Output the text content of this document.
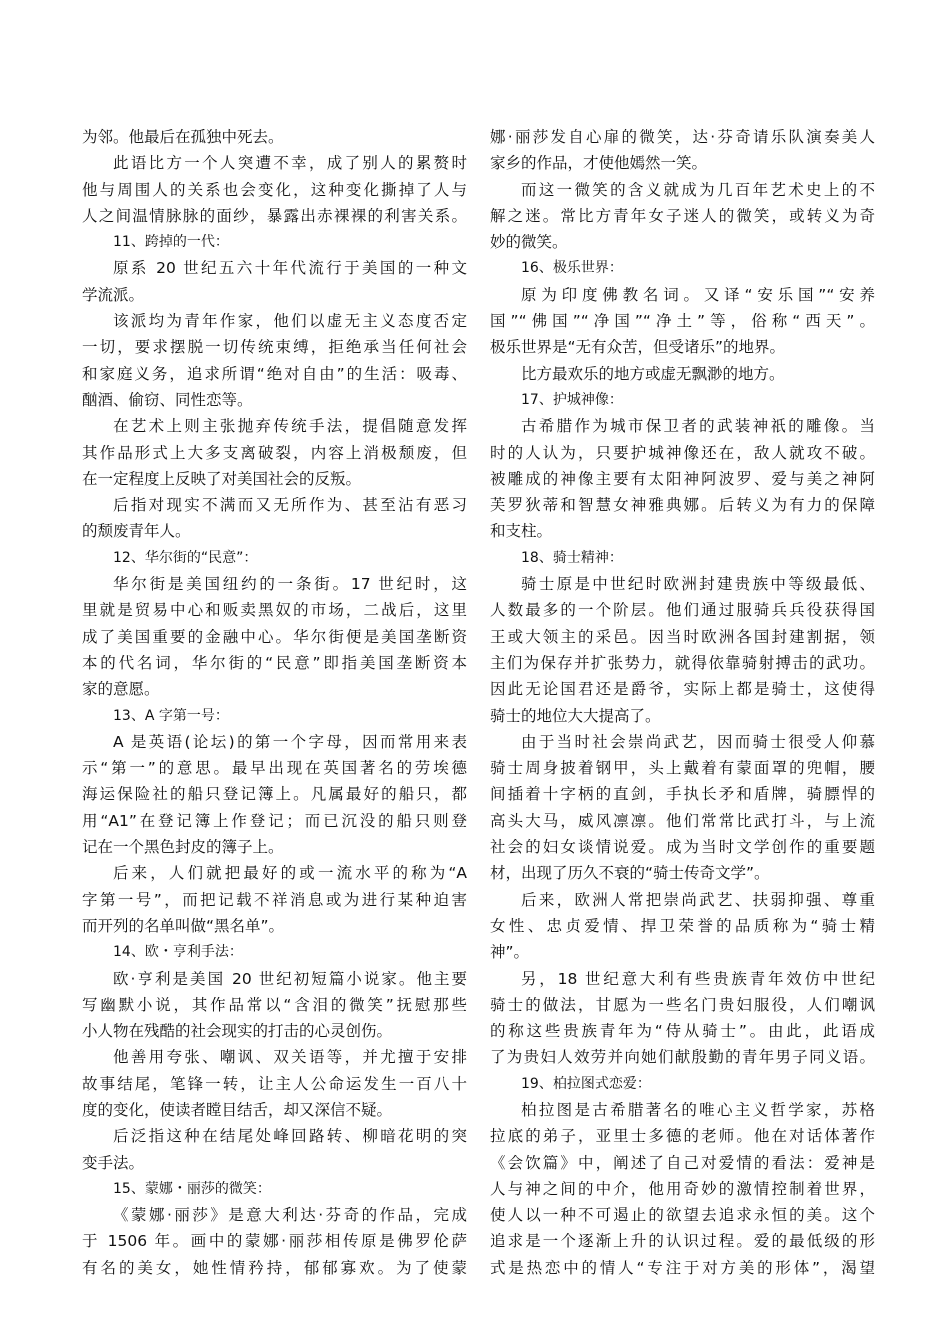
为邻。他最后在孤独中死去。
此语比方一个人突遭不幸，成了别人的累赘时
他与周围人的关系也会变化，这种变化撕掉了人与
人之间温情脉脉的面纱，暴露出赤裸裸的利害关系。
11、跨掉的一代：
原系 20 世纪五六十年代流行于美国的一种文
学流派。
该派均为青年作家，他们以虚无主义态度否定
一切，要求摆脱一切传统束缚，拒绝承当任何社会
和家庭义务，追求所谓“绝对自由”的生活：吸毒、
酗酒、偷窃、同性恋等。
在艺术上则主张抛弃传统手法，提倡随意发挥
其作品形式上大多支离破裂，内容上消极颓废，但
在一定程度上反映了对美国社会的反叛。
后指对现实不满而又无所作为、甚至沾有恶习
的颓废青年人。
12、华尔街的“民意”：
华尔街是美国纽约的一条街。17 世纪时，这
里就是贸易中心和贩卖黑奴的市场，二战后，这里
成了美国重要的金融中心。华尔街便是美国垄断资
本的代名词，华尔街的“民意”即指美国垄断资本
家的意愿。
13、A 字第一号：
A 是英语(论坛)的第一个字母，因而常用来表
示“第一”的意思。最早出现在英国著名的劳埃德
海运保险社的船只登记簿上。凡属最好的船只，都
用“A1”在登记簿上作登记；而已沉没的船只则登
记在一个黑色封皮的簿子上。
后来，人们就把最好的或一流水平的称为“A
字第一号”，而把记载不祥消息或为进行某种迫害
而开列的名单叫做“黑名单”。
14、欧・亨利手法：
欧·亨利是美国 20 世纪初短篇小说家。他主要
写幽默小说，其作品常以“含泪的微笑”抚慰那些
小人物在残酷的社会现实的打击的心灵创伤。
他善用夸张、嘲讽、双关语等，并尤擅于安排
故事结尾，笔锋一转，让主人公命运发生一百八十
度的变化，使读者瞠目结舌，却又深信不疑。
后泛指这种在结尾处峰回路转、柳暗花明的突
变手法。
15、蒙娜・丽莎的微笑：
《蒙娜·丽莎》是意大利达·芬奇的作品，完成
于 1506 年。画中的蒙娜·丽莎相传原是佛罗伦萨
有名的美女，她性情矜持，郁郁寡欢。为了使蒙
娜·丽莎发自心扉的微笑，达·芬奇请乐队演奏美人
家乡的作品，才使他嫣然一笑。
而这一微笑的含义就成为几百年艺术史上的不
解之迷。常比方青年女子迷人的微笑，或转义为奇
妙的微笑。
16、极乐世界：
原为印度佛教名词。又译“安乐国”“安养
国”“佛国”“净国”“净土”等，俗称“西天”。
极乐世界是“无有众苦，但受诸乐”的地界。
比方最欢乐的地方或虚无飘渺的地方。
17、护城神像：
古希腊作为城市保卫者的武装神祇的雕像。当
时的人认为，只要护城神像还在，敌人就攻不破。
被雕成的神像主要有太阳神阿波罗、爱与美之神阿
芙罗狄蒂和智慧女神雅典娜。后转义为有力的保障
和支柱。
18、骑士精神：
骑士原是中世纪时欧洲封建贵族中等级最低、
人数最多的一个阶层。他们通过服骑兵兵役获得国
王或大领主的采邑。因当时欧洲各国封建割据，领
主们为保存并扩张势力，就得依靠骑射搏击的武功。
因此无论国君还是爵爷，实际上都是骑士，这使得
骑士的地位大大提高了。
由于当时社会崇尚武艺，因而骑士很受人仰慕
骑士周身披着钢甲，头上戴着有蒙面罩的兜帽，腰
间插着十字柄的直剑，手执长矛和盾牌，骑膘悍的
高头大马，威风凛凛。他们常常比武打斗，与上流
社会的妇女谈情说爱。成为当时文学创作的重要题
材，出现了历久不衰的“骑士传奇文学”。
后来，欧洲人常把崇尚武艺、扶弱抑强、尊重
女性、忠贞爱情、捍卫荣誉的品质称为“骑士精
神”。
另，18 世纪意大利有些贵族青年效仿中世纪
骑士的做法，甘愿为一些名门贵妇服役，人们嘲讽
的称这些贵族青年为“侍从骑士”。由此，此语成
了为贵妇人效劳并向她们献殷勤的青年男子同义语。
19、柏拉图式恋爱：
柏拉图是古希腊著名的唯心主义哲学家，苏格
拉底的弟子，亚里士多德的老师。他在对话体著作
《会饮篇》中，阐述了自己对爱情的看法：爱神是
人与神之间的中介，他用奇妙的激情控制着世界，
使人以一种不可遏止的欲望去追求永恒的美。这个
追求是一个逐渐上升的认识过程。爱的最低级的形
式是热恋中的情人“专注于对方美的形体”，渴望
